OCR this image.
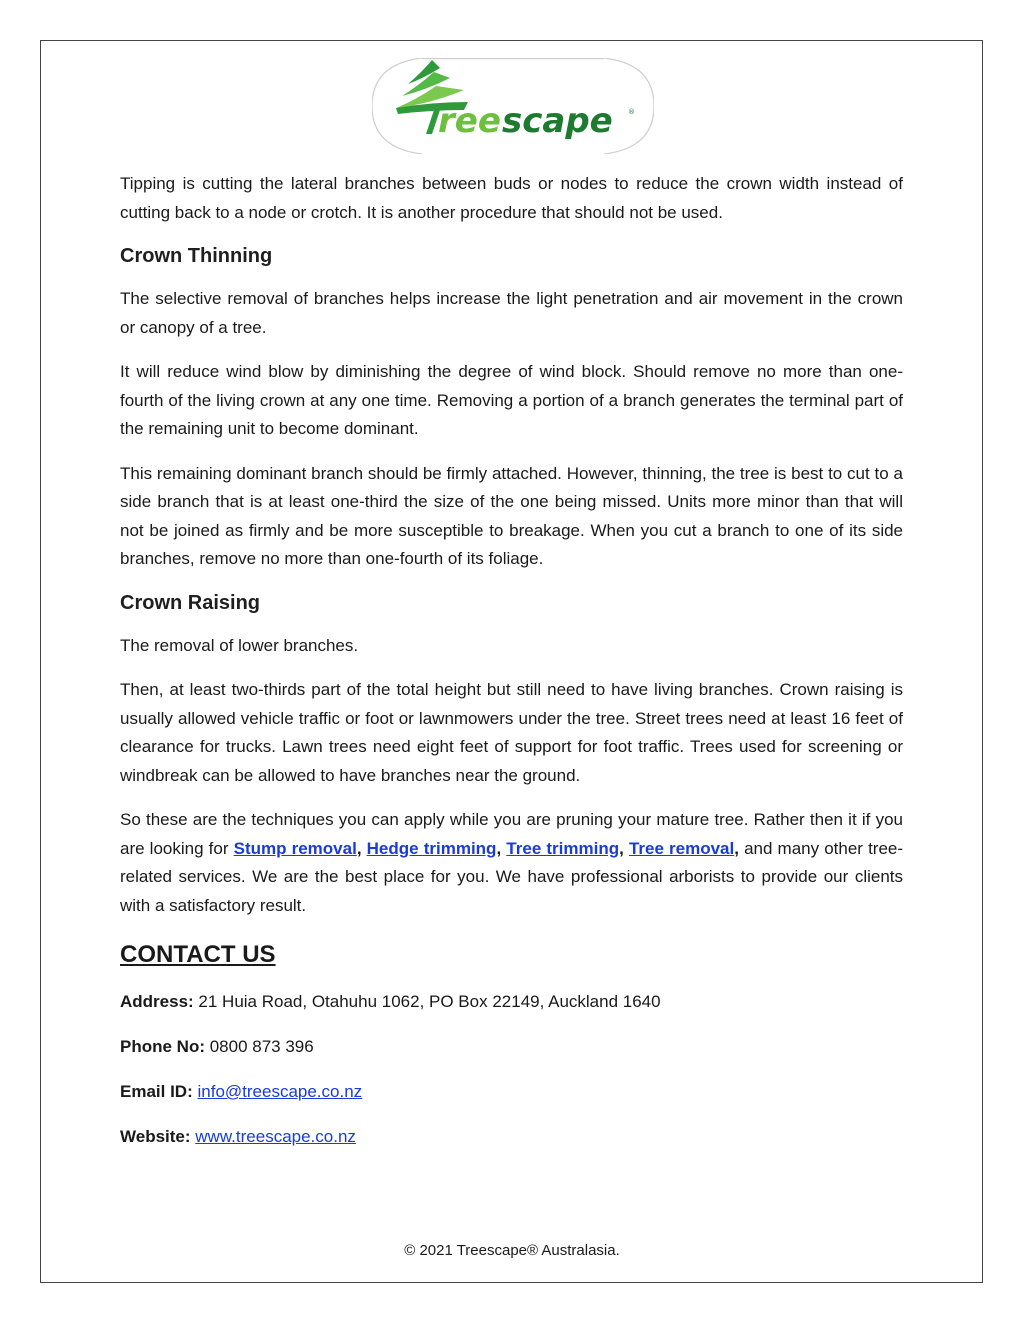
ree scape ®

Tipping is cutting the lateral branches between buds or nodes to reduce the crown width instead of cutting back to a node or crotch. It is another procedure that should not be used.

Crown Thinning

The selective removal of branches helps increase the light penetration and air movement in the crown or canopy of a tree.

It will reduce wind blow by diminishing the degree of wind block. Should remove no more than one-fourth of the living crown at any one time. Removing a portion of a branch generates the terminal part of the remaining unit to become dominant.

This remaining dominant branch should be firmly attached. However, thinning, the tree is best to cut to a side branch that is at least one-third the size of the one being missed. Units more minor than that will not be joined as firmly and be more susceptible to breakage. When you cut a branch to one of its side branches, remove no more than one-fourth of its foliage.

Crown Raising

The removal of lower branches.

Then, at least two-thirds part of the total height but still need to have living branches. Crown raising is usually allowed vehicle traffic or foot or lawnmowers under the tree. Street trees need at least 16 feet of clearance for trucks. Lawn trees need eight feet of support for foot traffic. Trees used for screening or windbreak can be allowed to have branches near the ground.

So these are the techniques you can apply while you are pruning your mature tree. Rather then it if you are looking for Stump removal, Hedge trimming, Tree trimming, Tree removal, and many other tree-related services. We are the best place for you. We have professional arborists to provide our clients with a satisfactory result.

CONTACT US
Address: 21 Huia Road, Otahuhu 1062, PO Box 22149, Auckland 1640
Phone No: 0800 873 396
Email ID: info@treescape.co.nz
Website: www.treescape.co.nz
© 2021 Treescape® Australasia.
